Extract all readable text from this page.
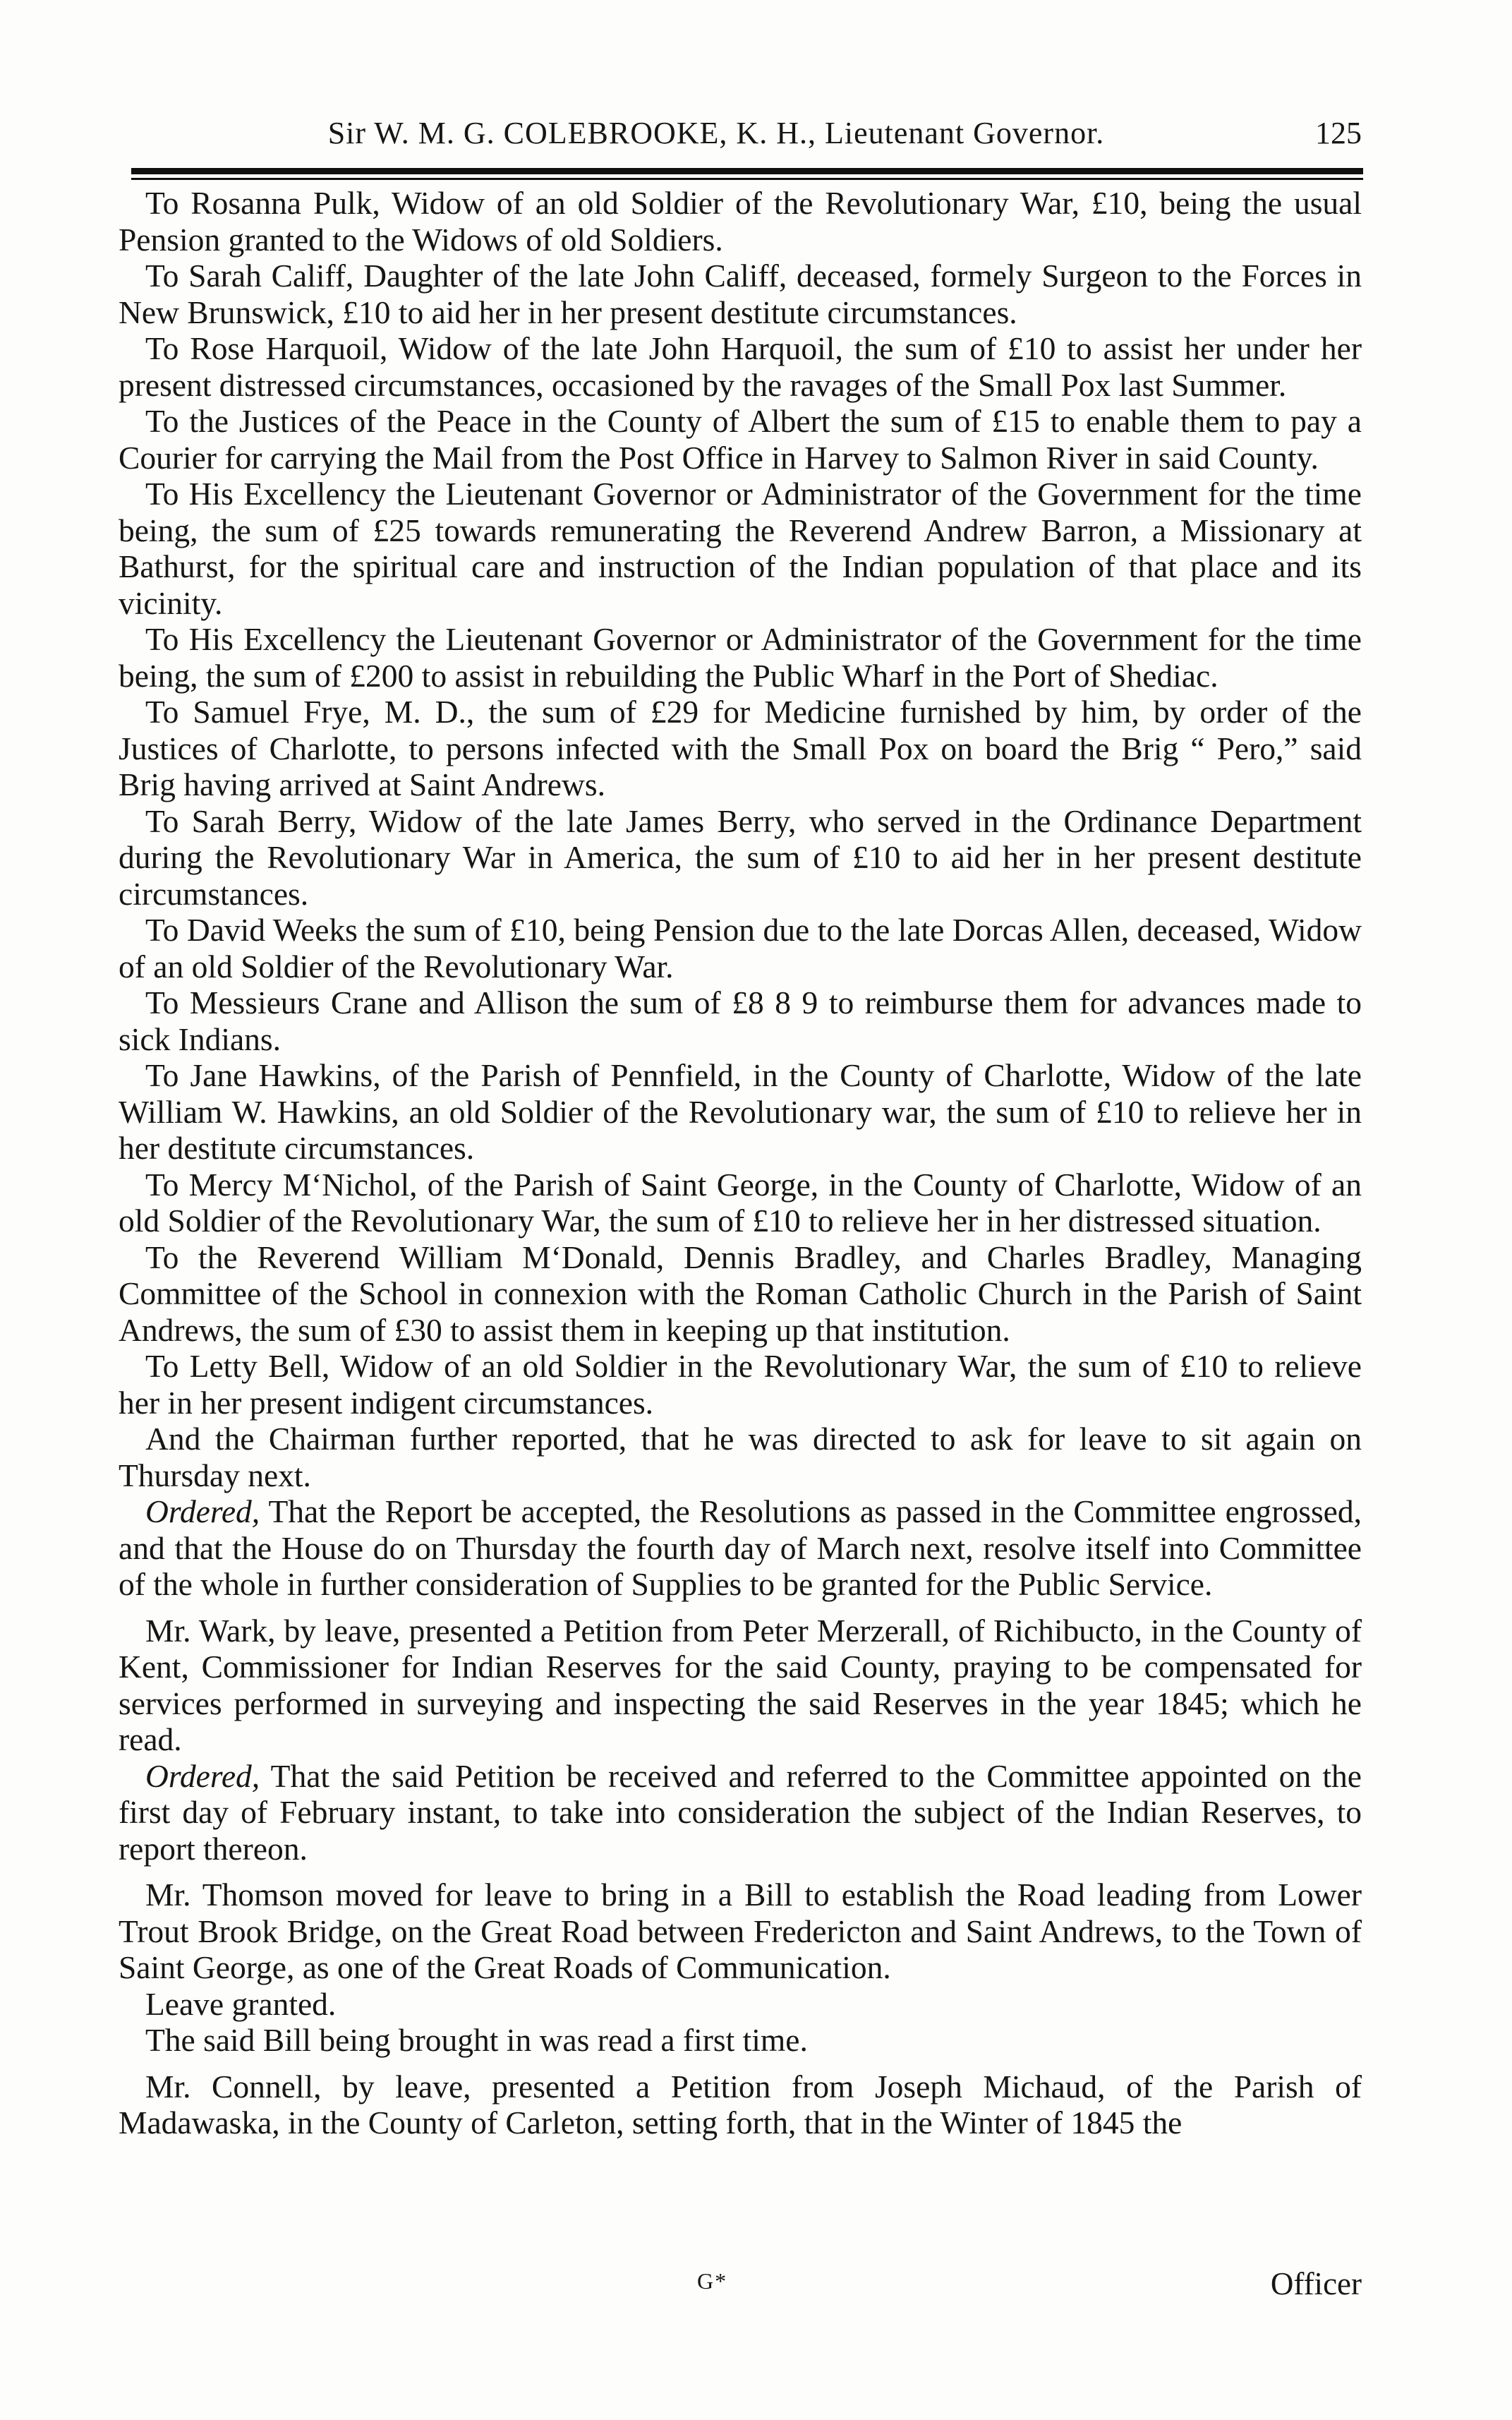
Sir W. M. G. COLEBROOKE, K. H., Lieutenant Governor.	125

To Rosanna Pulk, Widow of an old Soldier of the Revolutionary War, £10, being the usual Pension granted to the Widows of old Soldiers.

To Sarah Califf, Daughter of the late John Califf, deceased, formely Surgeon to the Forces in New Brunswick, £10 to aid her in her present destitute circumstances.

To Rose Harquoil, Widow of the late John Harquoil, the sum of £10 to assist her under her present distressed circumstances, occasioned by the ravages of the Small Pox last Summer.

To the Justices of the Peace in the County of Albert the sum of £15 to enable them to pay a Courier for carrying the Mail from the Post Office in Harvey to Salmon River in said County.

To His Excellency the Lieutenant Governor or Administrator of the Government for the time being, the sum of £25 towards remunerating the Reverend Andrew Barron, a Missionary at Bathurst, for the spiritual care and instruction of the Indian population of that place and its vicinity.

To His Excellency the Lieutenant Governor or Administrator of the Government for the time being, the sum of £200 to assist in rebuilding the Public Wharf in the Port of Shediac.

To Samuel Frye, M. D., the sum of £29 for Medicine furnished by him, by order of the Justices of Charlotte, to persons infected with the Small Pox on board the Brig “ Pero,” said Brig having arrived at Saint Andrews.

To Sarah Berry, Widow of the late James Berry, who served in the Ordinance Department during the Revolutionary War in America, the sum of £10 to aid her in her present destitute circumstances.

To David Weeks the sum of £10, being Pension due to the late Dorcas Allen, deceased, Widow of an old Soldier of the Revolutionary War.

To Messieurs Crane and Allison the sum of £8 8 9 to reimburse them for advances made to sick Indians.

To Jane Hawkins, of the Parish of Pennfield, in the County of Charlotte, Widow of the late William W. Hawkins, an old Soldier of the Revolutionary war, the sum of £10 to relieve her in her destitute circumstances.

To Mercy M‘Nichol, of the Parish of Saint George, in the County of Charlotte, Widow of an old Soldier of the Revolutionary War, the sum of £10 to relieve her in her distressed situation.

To the Reverend William M‘Donald, Dennis Bradley, and Charles Bradley, Managing Committee of the School in connexion with the Roman Catholic Church in the Parish of Saint Andrews, the sum of £30 to assist them in keeping up that institution.

To Letty Bell, Widow of an old Soldier in the Revolutionary War, the sum of £10 to relieve her in her present indigent circumstances.

And the Chairman further reported, that he was directed to ask for leave to sit again on Thursday next.

Ordered, That the Report be accepted, the Resolutions as passed in the Committee engrossed, and that the House do on Thursday the fourth day of March next, resolve itself into Committee of the whole in further consideration of Supplies to be granted for the Public Service.

Mr. Wark, by leave, presented a Petition from Peter Merzerall, of Richibucto, in the County of Kent, Commissioner for Indian Reserves for the said County, praying to be compensated for services performed in surveying and inspecting the said Reserves in the year 1845; which he read.

Ordered, That the said Petition be received and referred to the Committee appointed on the first day of February instant, to take into consideration the subject of the Indian Reserves, to report thereon.

Mr. Thomson moved for leave to bring in a Bill to establish the Road leading from Lower Trout Brook Bridge, on the Great Road between Fredericton and Saint Andrews, to the Town of Saint George, as one of the Great Roads of Communication.

Leave granted.

The said Bill being brought in was read a first time.

Mr. Connell, by leave, presented a Petition from Joseph Michaud, of the Parish of Madawaska, in the County of Carleton, setting forth, that in the Winter of 1845 the

G*	Officer
